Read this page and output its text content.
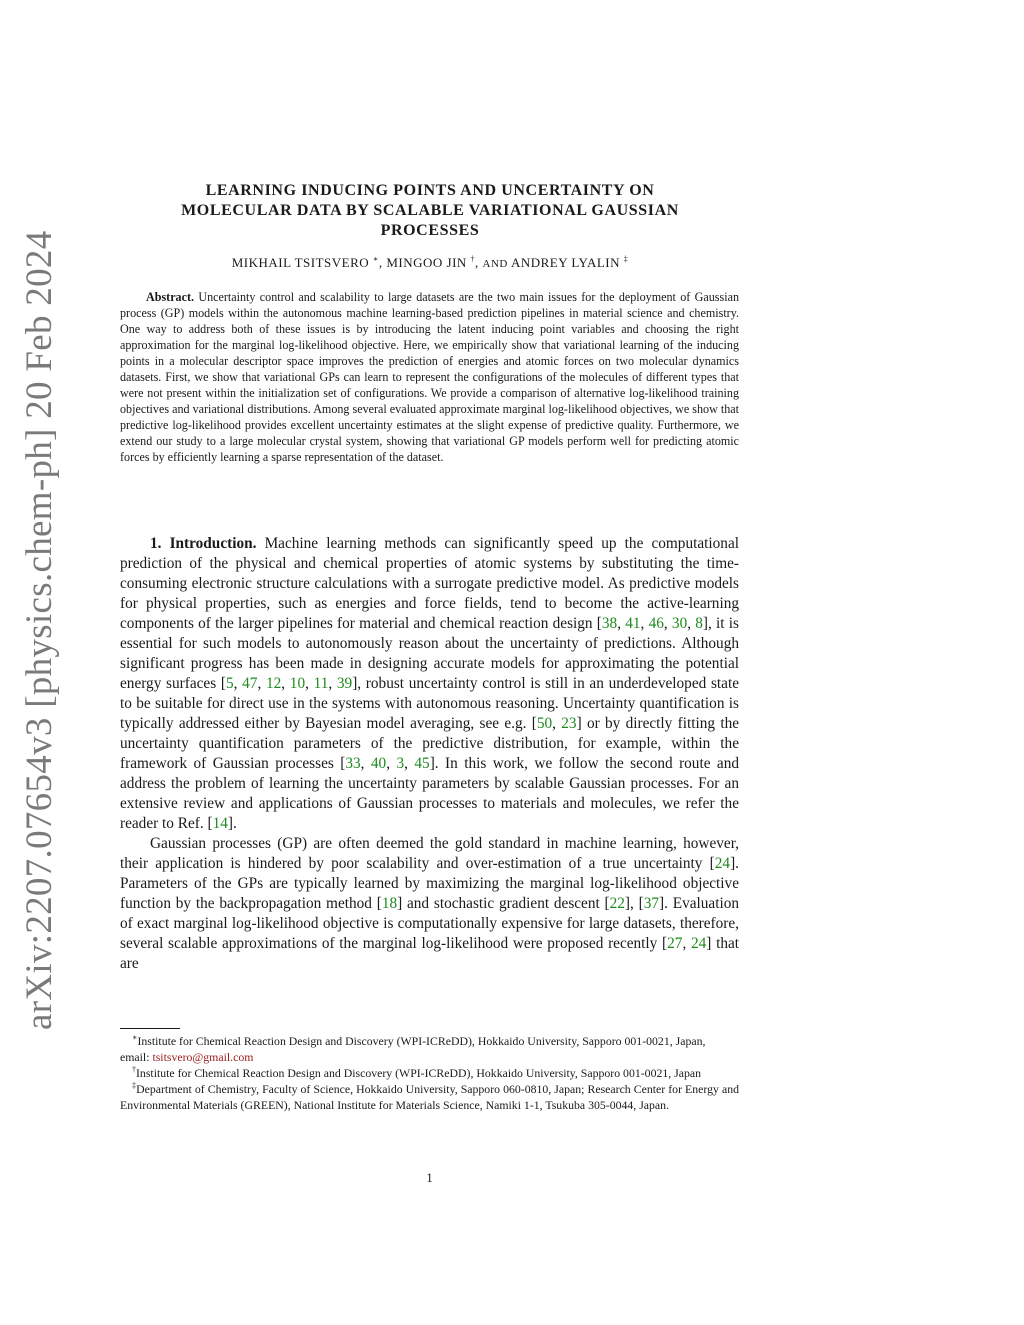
arXiv:2207.07654v3 [physics.chem-ph] 20 Feb 2024
LEARNING INDUCING POINTS AND UNCERTAINTY ON
MOLECULAR DATA BY SCALABLE VARIATIONAL GAUSSIAN
PROCESSES
MIKHAIL TSITSVERO ∗, MINGOO JIN †, AND ANDREY LYALIN ‡

Abstract. Uncertainty control and scalability to large datasets are the two main issues for the deployment of Gaussian process (GP) models within the autonomous machine learning-based prediction pipelines in material science and chemistry. One way to address both of these issues is by introducing the latent inducing point variables and choosing the right approximation for the marginal log-likelihood objective. Here, we empirically show that variational learning of the inducing points in a molecular descriptor space improves the prediction of energies and atomic forces on two molecular dynamics datasets. First, we show that variational GPs can learn to represent the configurations of the molecules of different types that were not present within the initialization set of configurations. We provide a comparison of alternative log-likelihood training objectives and variational distributions. Among several evaluated approximate marginal log-likelihood objectives, we show that predictive log-likelihood provides excellent uncertainty estimates at the slight expense of predictive quality. Furthermore, we extend our study to a large molecular crystal system, showing that variational GP models perform well for predicting atomic forces by efficiently learning a sparse representation of the dataset.

1. Introduction. Machine learning methods can significantly speed up the computational prediction of the physical and chemical properties of atomic systems by substituting the time-consuming electronic structure calculations with a surrogate predictive model. As predictive models for physical properties, such as energies and force fields, tend to become the active-learning components of the larger pipelines for material and chemical reaction design [38, 41, 46, 30, 8], it is essential for such models to autonomously reason about the uncertainty of predictions. Although significant progress has been made in designing accurate models for approximating the potential energy surfaces [5, 47, 12, 10, 11, 39], robust uncertainty control is still in an underdeveloped state to be suitable for direct use in the systems with autonomous reasoning. Uncertainty quantification is typically addressed either by Bayesian model averaging, see e.g. [50, 23] or by directly fitting the uncertainty quantification parameters of the predictive distribution, for example, within the framework of Gaussian processes [33, 40, 3, 45]. In this work, we follow the second route and address the problem of learning the uncertainty parameters by scalable Gaussian processes. For an extensive review and applications of Gaussian processes to materials and molecules, we refer the reader to Ref. [14].

Gaussian processes (GP) are often deemed the gold standard in machine learning, however, their application is hindered by poor scalability and over-estimation of a true uncertainty [24]. Parameters of the GPs are typically learned by maximizing the marginal log-likelihood objective function by the backpropagation method [18] and stochastic gradient descent [22], [37]. Evaluation of exact marginal log-likelihood objective is computationally expensive for large datasets, therefore, several scalable approximations of the marginal log-likelihood were proposed recently [27, 24] that are

∗Institute for Chemical Reaction Design and Discovery (WPI-ICReDD), Hokkaido University, Sapporo 001-0021, Japan,
email: tsitsvero@gmail.com

†Institute for Chemical Reaction Design and Discovery (WPI-ICReDD), Hokkaido University, Sapporo 001-0021, Japan

‡Department of Chemistry, Faculty of Science, Hokkaido University, Sapporo 060-0810, Japan; Research Center for Energy and Environmental Materials (GREEN), National Institute for Materials Science, Namiki 1-1, Tsukuba 305-0044, Japan.

1
